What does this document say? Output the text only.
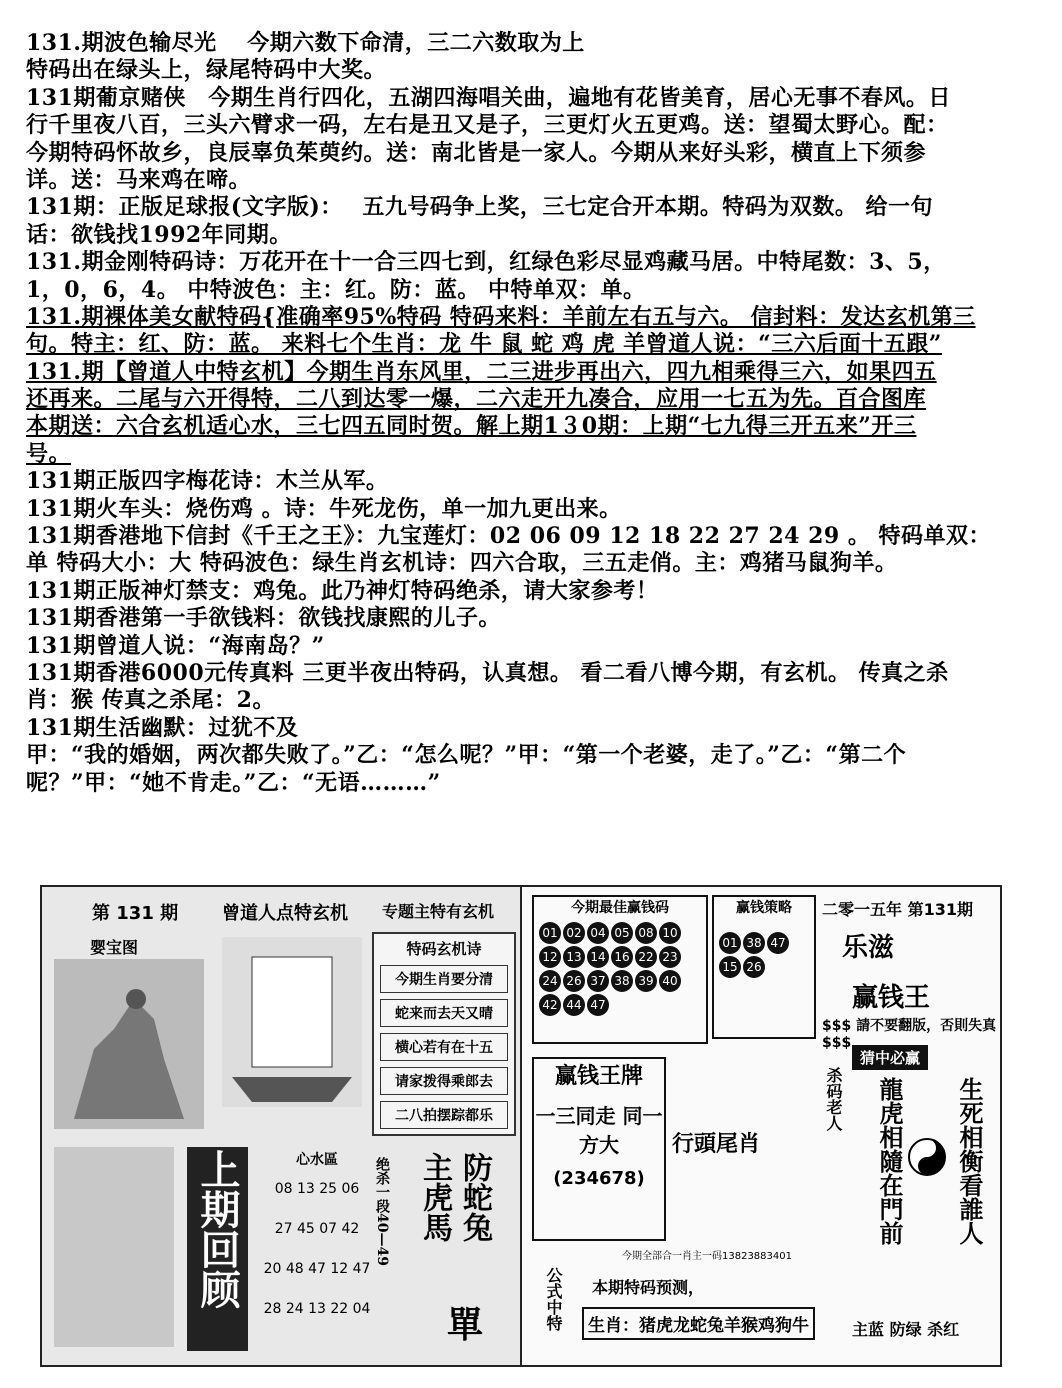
131.期波色输尽光　 今期六数下命清，三二六数取为上
特码出在绿头上，绿尾特码中大奖。
131期葡京赌侠　今期生肖行四化，五湖四海唱关曲，遍地有花皆美育，居心无事不春风。日
行千里夜八百，三头六臂求一码，左右是丑又是子，三更灯火五更鸡。送：望蜀太野心。配：
今期特码怀故乡，良辰辜负茱萸约。送：南北皆是一家人。今期从来好头彩，横直上下须参
详。送：马来鸡在啼。
131期：正版足球报(文字版)：　 五九号码争上奖，三七定合开本期。特码为双数。 给一句
话：欲钱找1992年同期。
131.期金刚特码诗：万花开在十一合三四七到，红绿色彩尽显鸡藏马居。中特尾数：3、5，
1，0，6，4。 中特波色：主：红。防：蓝。 中特单双：单。
131.期裸体美女献特码{准确率95%特码 特码来料：羊前左右五与六。 信封料：发达玄机第三
句。特主：红、防：蓝。 来料七个生肖：龙 牛 鼠 蛇 鸡 虎 羊曾道人说：“三六后面十五跟”
131.期【曾道人中特玄机】今期生肖东风里，二三进步再出六，四九相乘得三六，如果四五
还再来。二尾与六开得特，二八到达零一爆，二六走开九凑合，应用一七五为先。百合图库
本期送：六合玄机适心水，三七四五同时贺。解上期1３0期：上期“七九得三开五来”开三
号。
131期正版四字梅花诗：木兰从军。
131期火车头：烧伤鸡 。诗：牛死龙伤，单一加九更出来。
131期香港地下信封《千王之王》：九宝莲灯：02 06 09 12 18 22 27 24 29 。 特码单双：
单 特码大小：大 特码波色：绿生肖玄机诗：四六合取，三五走俏。主：鸡猪马鼠狗羊。
131期正版神灯禁支：鸡兔。此乃神灯特码绝杀，请大家参考！
131期香港第一手欲钱料：欲钱找康熙的儿子。
131期曾道人说：“海南岛？”
131期香港6000元传真料 三更半夜出特码，认真想。 看二看八博今期，有玄机。 传真之杀
肖：猴 传真之杀尾：2。
131期生活幽默：过犹不及
甲：“我的婚姻，两次都失败了。”乙：“怎么呢？”甲：“第一个老婆，走了。”乙：“第二个
呢？”甲：“她不肯走。”乙：“无语………”
第 131 期 曾道人点特玄机 专题主特有玄机
婴宝图	特码玄机诗
今期生肖要分清
蛇来而去天又晴
横心若有在十五
请家拨得乘郎去
二八拍摆踪都乐
上期回顾	心水區
08 13 25 06
27 45 07 42
20 48 47 12 47
28 24 13 22 04
绝杀一段40—49 主虎馬 防蛇兔
單
今期最佳赢钱码
01 02 04 05 08 1012 13 14 16 22 2324 26 37 38 39 4042 44 47
赢钱策略
01 38 4715 26
二零一五年 第131期
乐滋
赢钱王
$$$ 請不要翻版，否則失真 $$$
猜中必赢
赢钱王牌
一三同走 同一方大
(234678)
行頭尾肖
杀码老人 龍虎相隨在門前 生死相衡看誰人
今期全部合一肖主一码13823883401
公式中特 本期特码预测，
生肖：猪虎龙蛇兔羊猴鸡狗牛	主蓝 防绿 杀红
